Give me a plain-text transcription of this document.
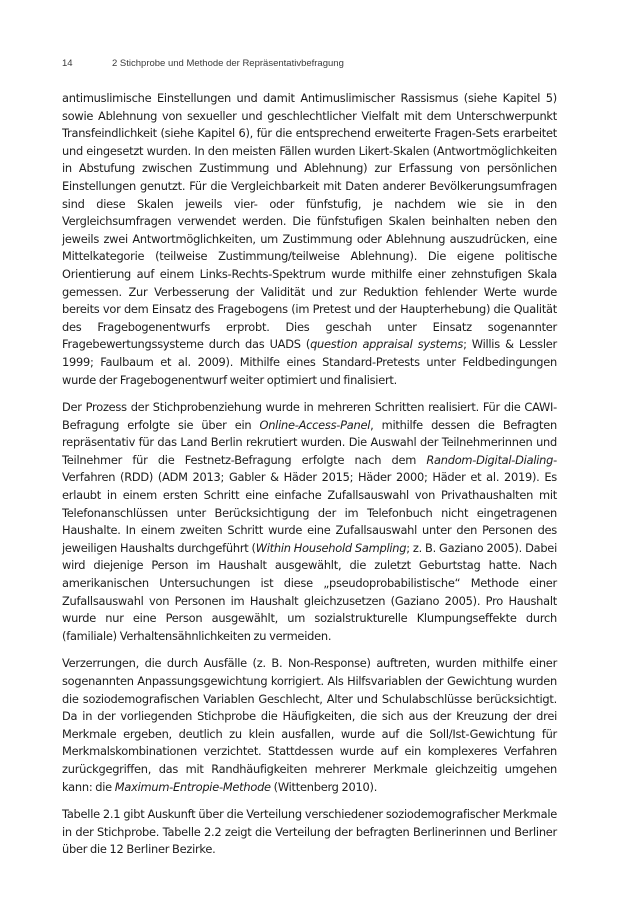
14	2 Stichprobe und Methode der Repräsentativbefragung

antimuslimische Einstellungen und damit Antimuslimischer Rassismus (siehe Kapitel 5) sowie Ablehnung von sexueller und geschlechtlicher Vielfalt mit dem Unterschwerpunkt Transfeindlichkeit (siehe Kapitel 6), für die entsprechend erweiterte Fragen-Sets erarbeitet und eingesetzt wurden. In den meisten Fällen wurden Likert-Skalen (Antwortmöglichkeiten in Abstufung zwischen Zustimmung und Ablehnung) zur Erfassung von persönlichen Einstellungen genutzt. Für die Vergleichbarkeit mit Daten anderer Bevölkerungsumfragen sind diese Skalen jeweils vier- oder fünfstufig, je nachdem wie sie in den Vergleichsumfragen verwendet werden. Die fünfstufigen Skalen beinhalten neben den jeweils zwei Antwortmöglichkeiten, um Zustimmung oder Ablehnung auszudrücken, eine Mittelkategorie (teilweise Zustimmung/teilweise Ablehnung). Die eigene politische Orientierung auf einem Links-Rechts-Spektrum wurde mithilfe einer zehnstufigen Skala gemessen. Zur Verbesserung der Validität und zur Reduktion fehlender Werte wurde bereits vor dem Einsatz des Fragebogens (im Pretest und der Haupterhebung) die Qualität des Fragebogenentwurfs erprobt. Dies geschah unter Einsatz sogenannter Fragebewertungssysteme durch das UADS (question appraisal systems; Willis & Lessler 1999; Faulbaum et al. 2009). Mithilfe eines Standard-Pretests unter Feldbedingungen wurde der Fragebogenentwurf weiter optimiert und finalisiert.

Der Prozess der Stichprobenziehung wurde in mehreren Schritten realisiert. Für die CAWI-Befragung erfolgte sie über ein Online-Access-Panel, mithilfe dessen die Befragten repräsentativ für das Land Berlin rekrutiert wurden. Die Auswahl der Teilnehmerinnen und Teilnehmer für die Festnetz-Befragung erfolgte nach dem Random-Digital-Dialing-Verfahren (RDD) (ADM 2013; Gabler & Häder 2015; Häder 2000; Häder et al. 2019). Es erlaubt in einem ersten Schritt eine einfache Zufallsauswahl von Privathaushalten mit Telefonanschlüssen unter Berücksichtigung der im Telefonbuch nicht eingetragenen Haushalte. In einem zweiten Schritt wurde eine Zufallsauswahl unter den Personen des jeweiligen Haushalts durchgeführt (Within Household Sampling; z. B. Gaziano 2005). Dabei wird diejenige Person im Haushalt ausgewählt, die zuletzt Geburtstag hatte. Nach amerikanischen Untersuchungen ist diese „pseudoprobabilistische“ Methode einer Zufallsauswahl von Personen im Haushalt gleichzusetzen (Gaziano 2005). Pro Haushalt wurde nur eine Person ausgewählt, um sozialstrukturelle Klumpungseffekte durch (familiale) Verhaltensähnlichkeiten zu vermeiden.

Verzerrungen, die durch Ausfälle (z. B. Non-Response) auftreten, wurden mithilfe einer sogenannten Anpassungsgewichtung korrigiert. Als Hilfsvariablen der Gewichtung wurden die soziodemografischen Variablen Geschlecht, Alter und Schulabschlüsse berücksichtigt. Da in der vorliegenden Stichprobe die Häufigkeiten, die sich aus der Kreuzung der drei Merkmale ergeben, deutlich zu klein ausfallen, wurde auf die Soll/Ist-Gewichtung für Merkmalskombinationen verzichtet. Stattdessen wurde auf ein komplexeres Verfahren zurückgegriffen, das mit Randhäufigkeiten mehrerer Merkmale gleichzeitig umgehen kann: die Maximum-Entropie-Methode (Wittenberg 2010).

Tabelle 2.1 gibt Auskunft über die Verteilung verschiedener soziodemografischer Merkmale in der Stichprobe. Tabelle 2.2 zeigt die Verteilung der befragten Berlinerinnen und Berliner über die 12 Berliner Bezirke.
